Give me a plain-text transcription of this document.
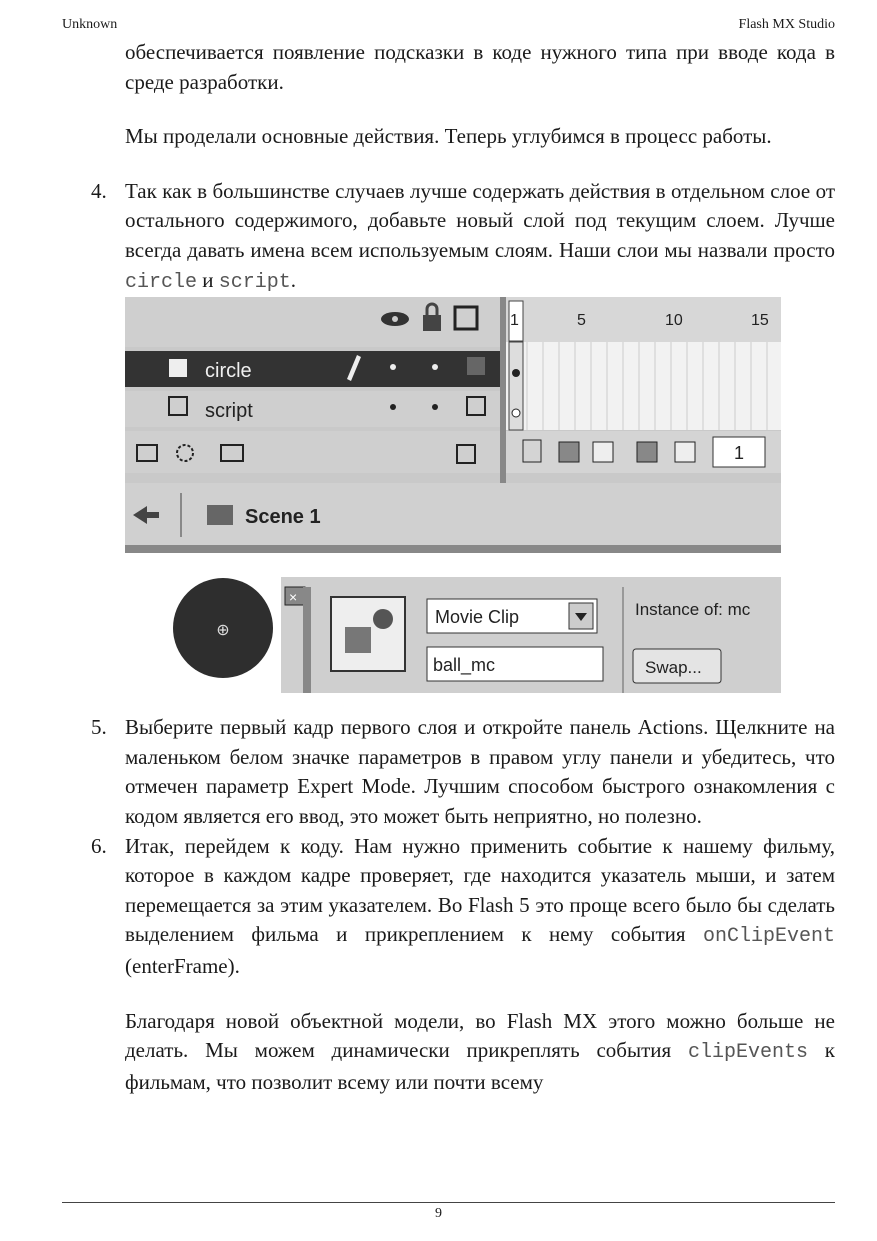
Unknown	Flash MX Studio

обеспечивается появление подсказки в коде нужного типа при вводе кода в среде разработки.

Мы проделали основные действия. Теперь углубимся в процесс работы.

4. Так как в большинстве случаев лучше содержать действия в отдельном слое от остального содержимого, добавьте новый слой под текущим слоем. Лучше всегда давать имена всем используемым слоям. Наши слои мы назвали просто circle и script.

1	5	10	15
circle
script
1
Scene 1
⊕
×
Movie Clip
ball_mc
Instance of: mc
Swap...
5. Выберите первый кадр первого слоя и откройте панель Actions. Щелкните на маленьком белом значке параметров в правом углу панели и убедитесь, что отмечен параметр Expert Mode. Лучшим способом быстрого ознакомления с кодом является его ввод, это может быть неприятно, но полезно.

6. Итак, перейдем к коду. Нам нужно применить событие к нашему фильму, которое в каждом кадре проверяет, где находится указатель мыши, и затем перемещается за этим указателем. Во Flash 5 это проще всего было бы сделать выделением фильма и прикреплением к нему события onClipEvent (enterFrame).

Благодаря новой объектной модели, во Flash MX этого можно больше не делать. Мы можем динамически прикреплять события clipEvents к фильмам, что позволит всему или почти всему

9
